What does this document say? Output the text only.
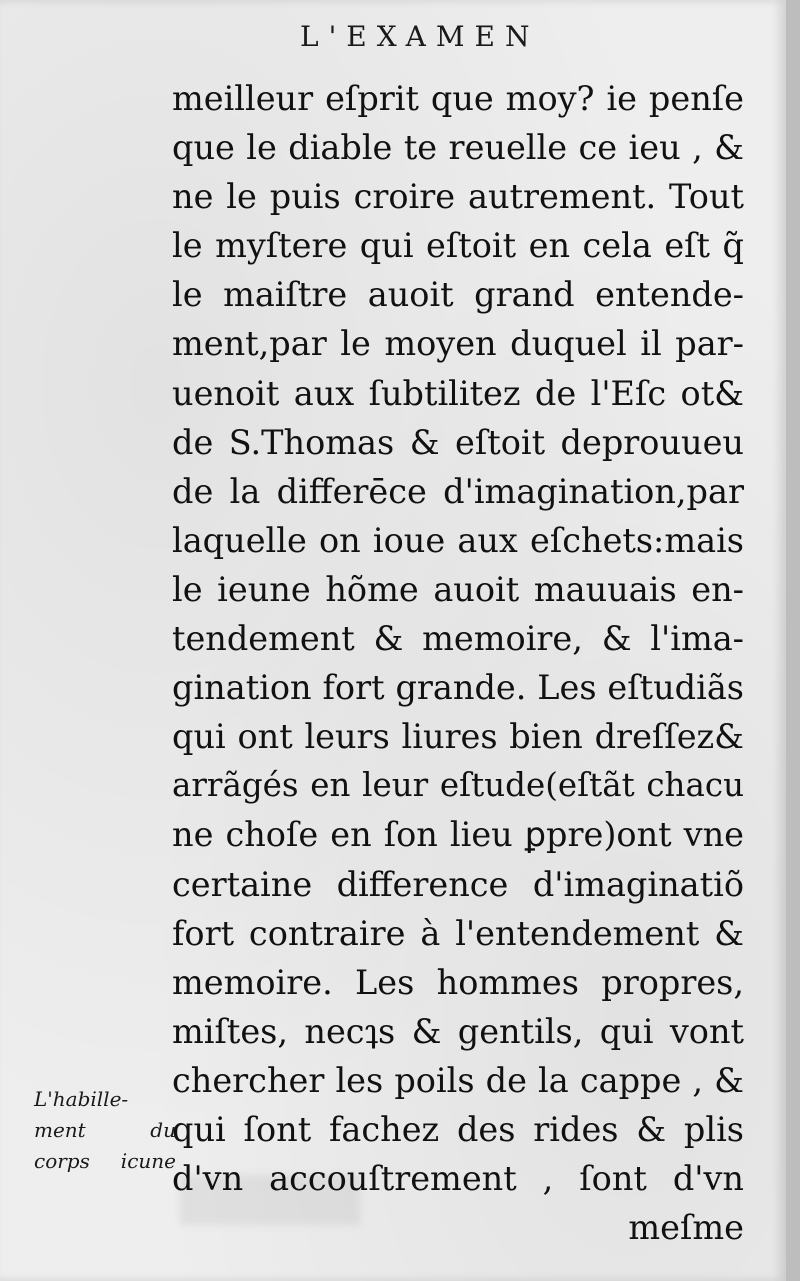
L'EXAMEN
meilleur eſprit que moy? ie penſe
que le diable te reuelle ce ieu , &
ne le puis croire autrement. Tout
le myſtere qui eſtoit en cela eſt q̃
le maiſtre auoit grand entende-
ment,par le moyen duquel il par-
uenoit aux ſubtilitez de l'Eſc ot&
de S.Thomas & eſtoit deprouueu
de la differēce d'imagination,par
laquelle on ioue aux eſchets:mais
le ieune hõme auoit mauuais en-
tendement & memoire, & l'ima-
gination fort grande. Les eſtudiãs
qui ont leurs liures bien dreſſez&
arrãgés en leur eſtude(eſtãt chacu
ne choſe en ſon lieu ꝑpre)ont vne
certaine difference d'imaginatiõ
fort contraire à l'entendement &
memoire. Les hommes propres,
miſtes, necʇs & gentils, qui vont
chercher les poils de la cappe , &
qui ſont fachez des rides & plis
d'vn accouſtrement , ſont d'vn
meſme
L'habille-
ment du
corps icune
